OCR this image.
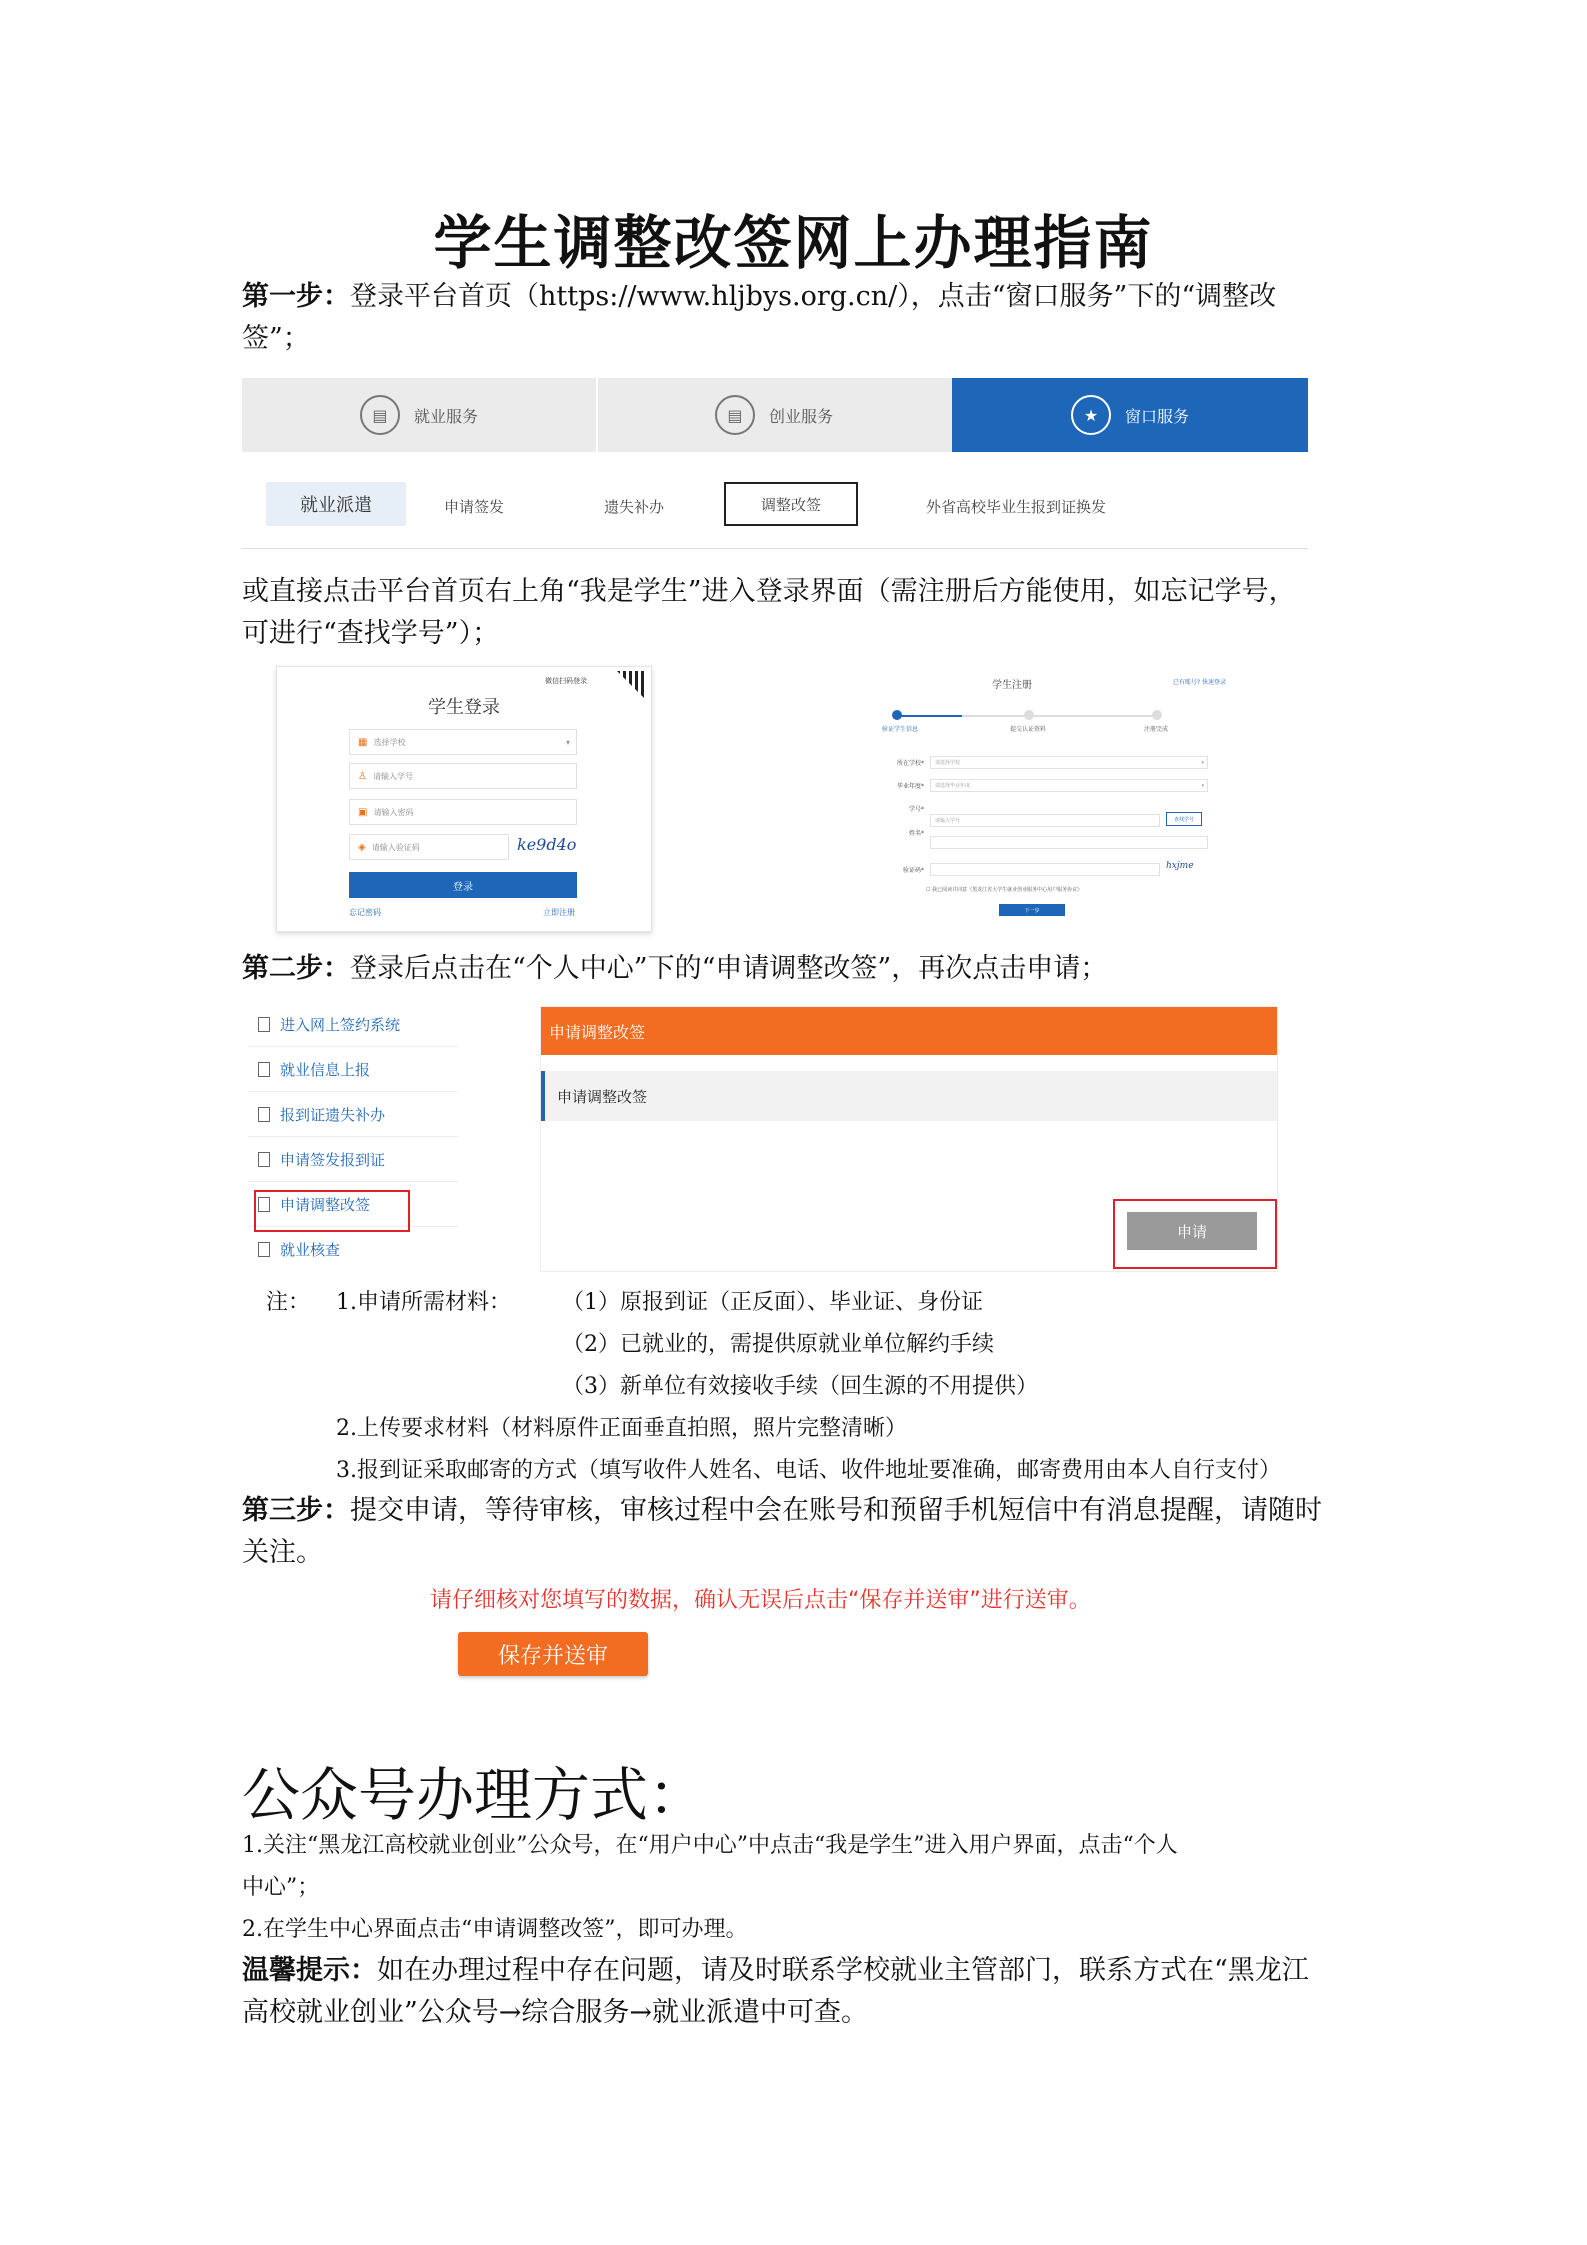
学生调整改签网上办理指南
第一步：登录平台首页（https://www.hljbys.org.cn/），点击“窗口服务”下的“调整改
签”；
▤	就业服务	▤	创业服务	★	窗口服务
就业派遣	申请签发	遗失补办	调整改签	外省高校毕业生报到证换发
或直接点击平台首页右上角“我是学生”进入登录界面（需注册后方能使用，如忘记学号，
可进行“查找学号”）；
微信扫码登录
学生登录
▦ 选择学校	▾
♙ 请输入学号
▣ 请输入密码
◈ 请输入验证码	ke9d4o
登录
忘记密码	立即注册
学生注册	已有账号? 快速登录
验证学生信息	提交认证资料	注册完成
所在学校* 请选择学校	▾
毕业年度* 请选择毕业年度	▾
学号*
请输入学号	查找学号
姓名*
验证码*	hxjme
☐ 我已阅读并同意《黑龙江省大学生就业创业服务中心用户服务协议》
下一步
第二步：登录后点击在“个人中心”下的“申请调整改签”，再次点击申请；
进入网上签约系统
就业信息上报
报到证遗失补办
申请签发报到证
申请调整改签
就业核查
申请调整改签
申请调整改签
申请
注： 1.申请所需材料： （1）原报到证（正反面）、毕业证、身份证
（2）已就业的，需提供原就业单位解约手续
（3）新单位有效接收手续（回生源的不用提供）
2.上传要求材料（材料原件正面垂直拍照，照片完整清晰）
3.报到证采取邮寄的方式（填写收件人姓名、电话、收件地址要准确，邮寄费用由本人自行支付）
第三步：提交申请，等待审核，审核过程中会在账号和预留手机短信中有消息提醒，请随时
关注。
请仔细核对您填写的数据，确认无误后点击“保存并送审”进行送审。
保存并送审
公众号办理方式：
1.关注“黑龙江高校就业创业”公众号，在“用户中心”中点击“我是学生”进入用户界面，点击“个人
中心”；
2.在学生中心界面点击“申请调整改签”，即可办理。
温馨提示：如在办理过程中存在问题，请及时联系学校就业主管部门，联系方式在“黑龙江
高校就业创业”公众号→综合服务→就业派遣中可查。
